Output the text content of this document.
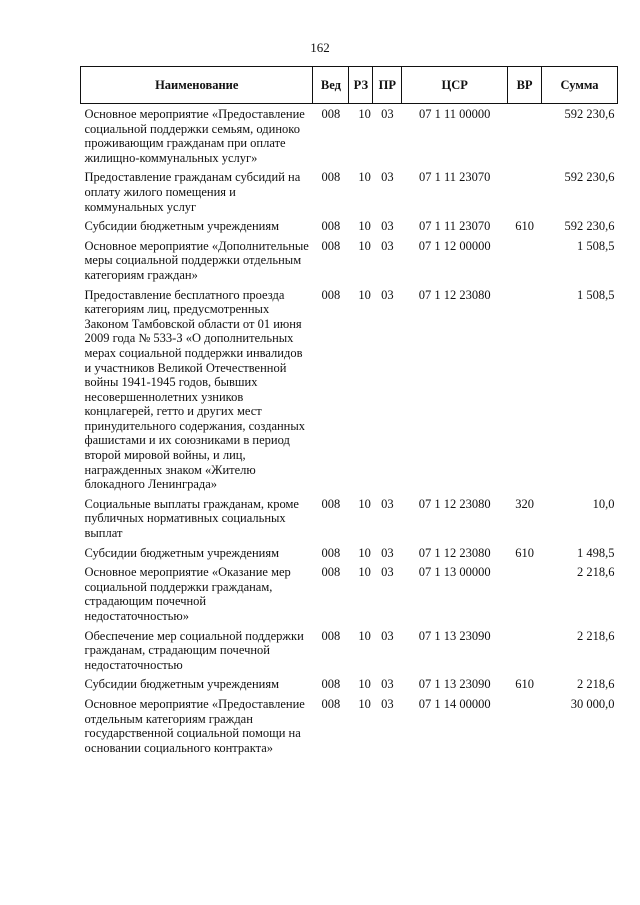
162
Наименование	Вед	РЗ	ПР	ЦСР	ВР	Сумма
Основное мероприятие «Предоставление социальной поддержки семьям, одиноко проживающим гражданам при оплате жилищно-коммунальных услуг»	008	10	03	07 1 11 00000		592 230,6
Предоставление гражданам субсидий на оплату жилого помещения и коммунальных услуг	008	10	03	07 1 11 23070		592 230,6
Субсидии бюджетным учреждениям	008	10	03	07 1 11 23070	610	592 230,6
Основное мероприятие «Дополнительные меры социальной поддержки отдельным категориям граждан»	008	10	03	07 1 12 00000		1 508,5
Предоставление бесплатного проезда категориям лиц, предусмотренных Законом Тамбовской области от 01 июня 2009 года № 533-З «О дополнительных мерах социальной поддержки инвалидов и участников Великой Отечественной войны 1941-1945 годов, бывших несовершеннолетних узников концлагерей, гетто и других мест принудительного содержания, созданных фашистами и их союзниками в период второй мировой войны, и лиц, награжденных знаком «Жителю блокадного Ленинграда»	008	10	03	07 1 12 23080		1 508,5
Социальные выплаты гражданам, кроме публичных нормативных социальных выплат	008	10	03	07 1 12 23080	320	10,0
Субсидии бюджетным учреждениям	008	10	03	07 1 12 23080	610	1 498,5
Основное мероприятие «Оказание мер социальной поддержки гражданам, страдающим почечной недостаточностью»	008	10	03	07 1 13 00000		2 218,6
Обеспечение мер социальной поддержки гражданам, страдающим почечной недостаточностью	008	10	03	07 1 13 23090		2 218,6
Субсидии бюджетным учреждениям	008	10	03	07 1 13 23090	610	2 218,6
Основное мероприятие «Предоставление отдельным категориям граждан государственной социальной помощи на основании социального контракта»	008	10	03	07 1 14 00000		30 000,0
